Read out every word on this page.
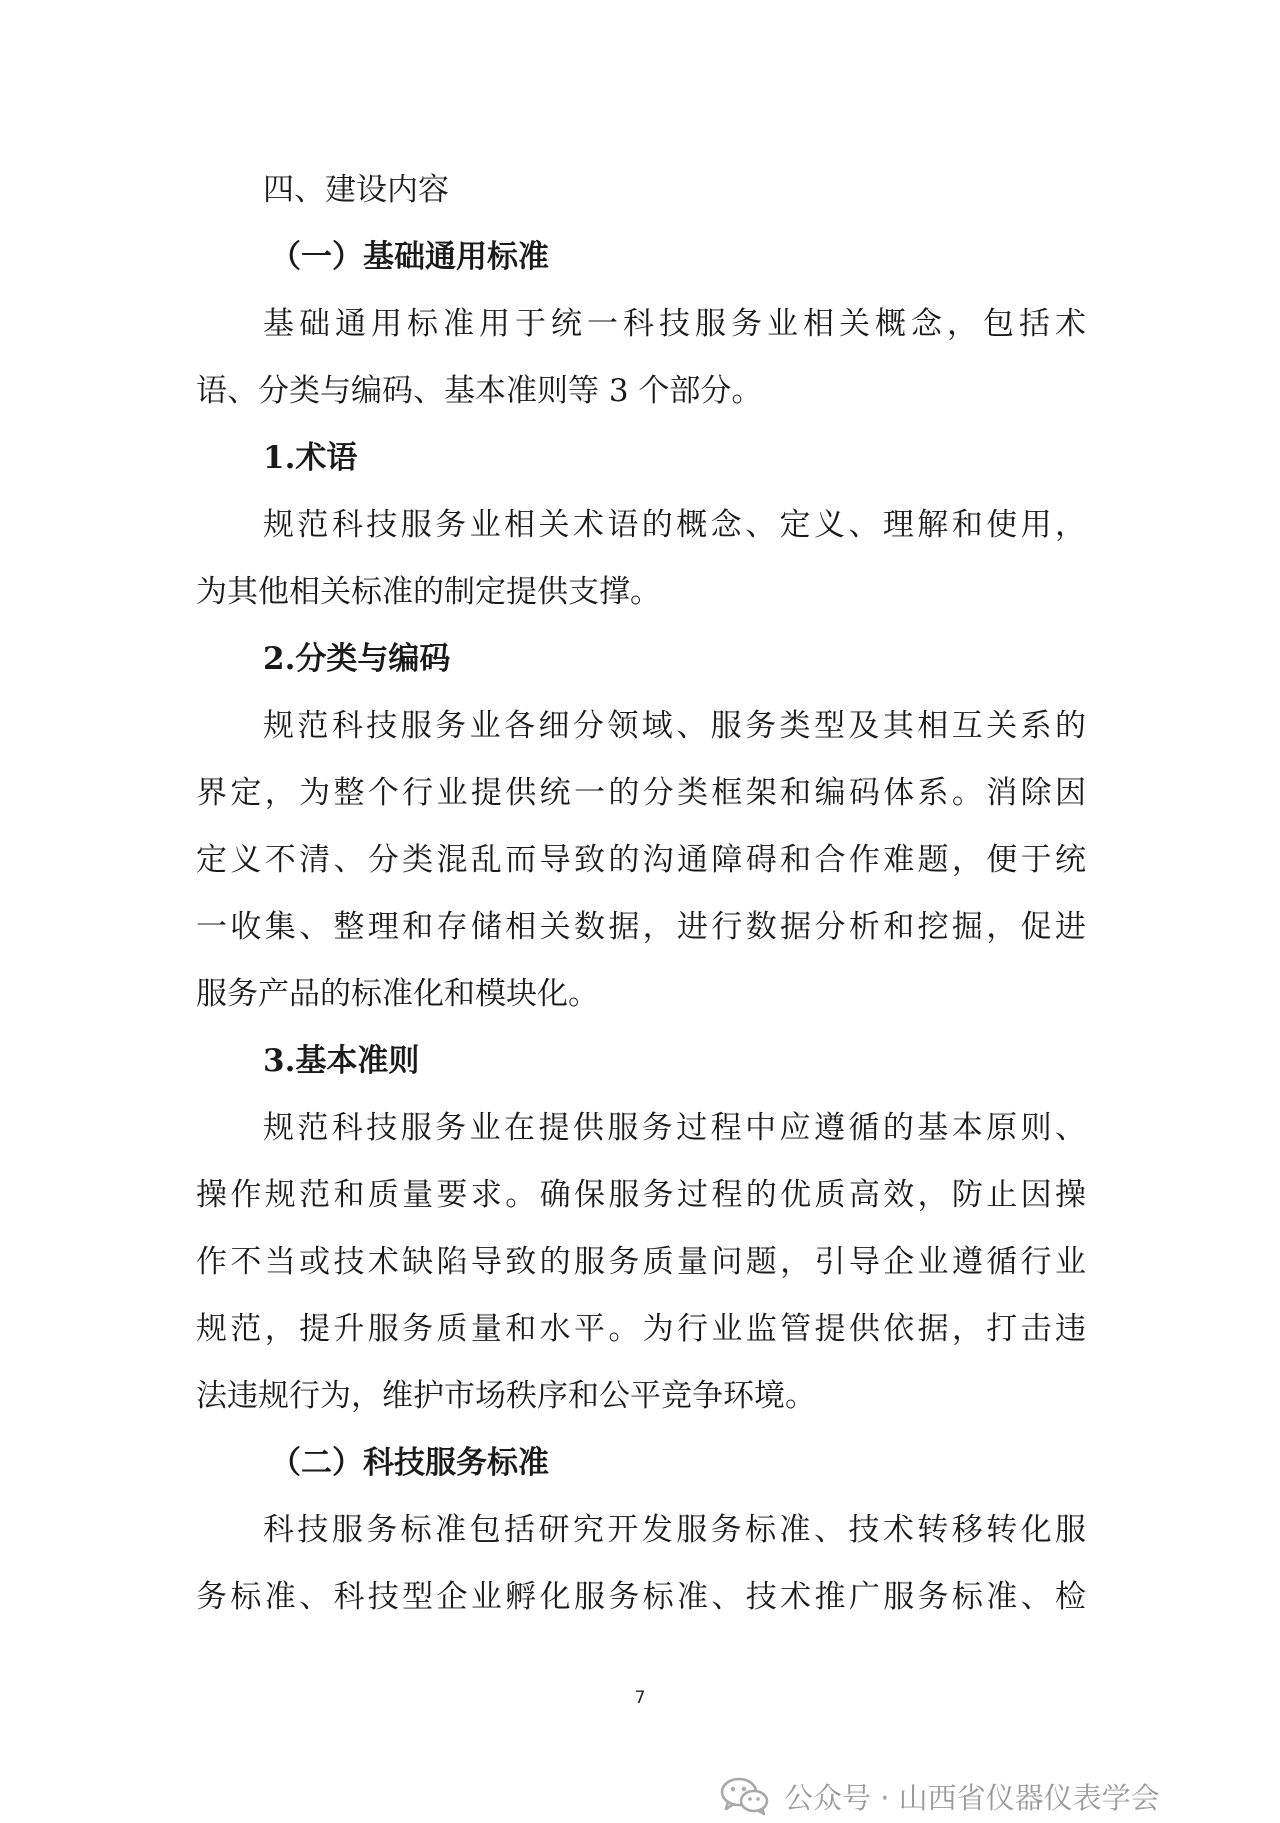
四、建设内容
（一）基础通用标准
基础通用标准用于统一科技服务业相关概念，包括术
语、分类与编码、基本准则等 3 个部分。
1.术语
规范科技服务业相关术语的概念、定义、理解和使用，
为其他相关标准的制定提供支撑。
2.分类与编码
规范科技服务业各细分领域、服务类型及其相互关系的
界定，为整个行业提供统一的分类框架和编码体系。消除因
定义不清、分类混乱而导致的沟通障碍和合作难题，便于统
一收集、整理和存储相关数据，进行数据分析和挖掘，促进
服务产品的标准化和模块化。
3.基本准则
规范科技服务业在提供服务过程中应遵循的基本原则、
操作规范和质量要求。确保服务过程的优质高效，防止因操
作不当或技术缺陷导致的服务质量问题，引导企业遵循行业
规范，提升服务质量和水平。为行业监管提供依据，打击违
法违规行为，维护市场秩序和公平竞争环境。
（二）科技服务标准
科技服务标准包括研究开发服务标准、技术转移转化服
务标准、科技型企业孵化服务标准、技术推广服务标准、检
7
公众号 · 山西省仪器仪表学会
